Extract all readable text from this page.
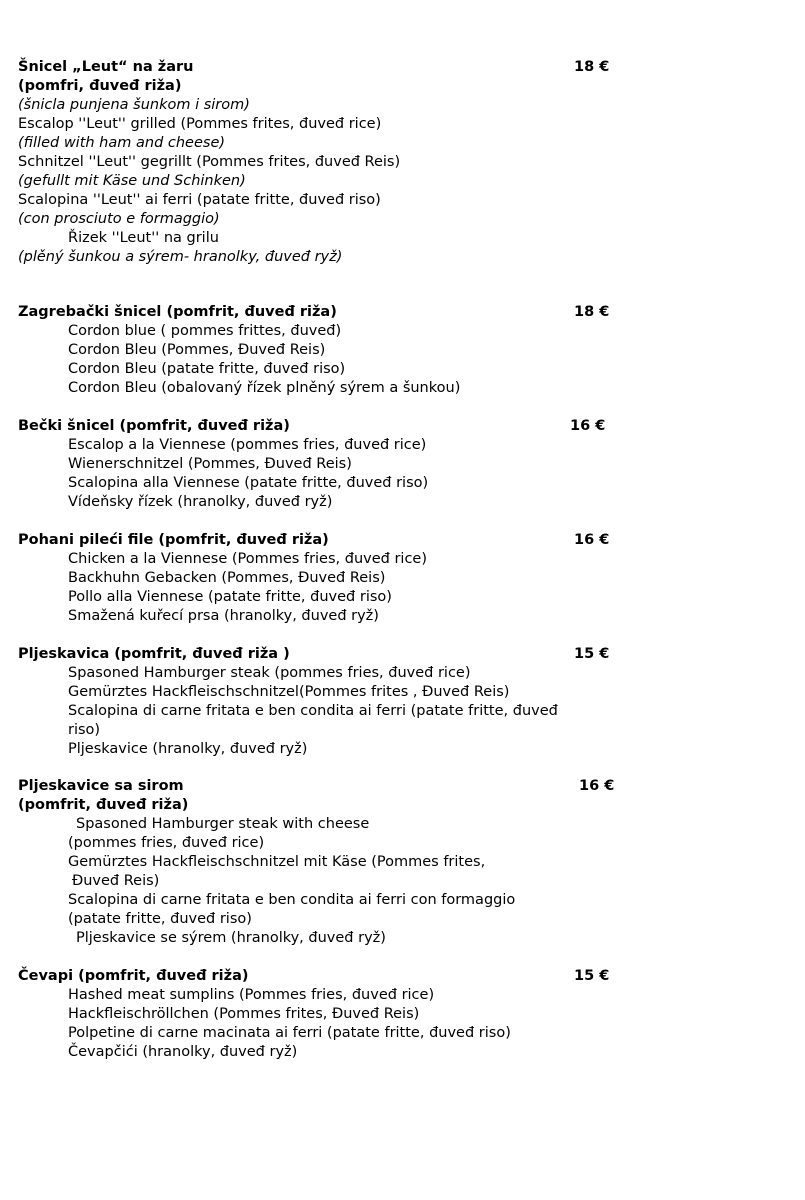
Šnicel „Leut“ na žaru
(pomfri, đuveđ riža)
(šnicla punjena šunkom i sirom)
Escalop ''Leut'' grilled (Pommes frites, đuveđ rice)
(filled with ham and cheese)
Schnitzel ''Leut'' gegrillt (Pommes frites, đuveđ Reis)
(gefullt mit Käse und Schinken)
Scalopina ''Leut'' ai ferri (patate fritte, đuveđ riso)
(con prosciuto e formaggio)
Řizek ''Leut'' na grilu
(plěný šunkou a sýrem- hranolky, đuveđ ryž)
18 €
Zagrebački šnicel (pomfrit, đuveđ riža)
Cordon blue ( pommes frittes, đuveđ)
Cordon Bleu (Pommes, Đuveđ Reis)
Cordon Bleu (patate fritte, đuveđ riso)
Cordon Bleu (obalovaný řízek plněný sýrem a šunkou)
18 €
Bečki šnicel (pomfrit, đuveđ riža)
Escalop a la Viennese (pommes fries, đuveđ rice)
Wienerschnitzel (Pommes, Đuveđ Reis)
Scalopina alla Viennese (patate fritte, đuveđ riso)
Vídeňsky řízek (hranolky, đuveđ ryž)
16 €
Pohani pileći file (pomfrit, đuveđ riža)
Chicken a la Viennese (Pommes fries, đuveđ rice)
Backhuhn Gebacken (Pommes, Đuveđ Reis)
Pollo alla Viennese (patate fritte, đuveđ riso)
Smažená kuřecí prsa (hranolky, đuveđ ryž)
16 €
Pljeskavica (pomfrit, đuveđ riža )
Spasoned Hamburger steak (pommes fries, đuveđ rice)
Gemürztes Hackfleischschnitzel(Pommes frites , Đuveđ Reis)
Scalopina di carne fritata e ben condita ai ferri (patate fritte, đuveđ
riso)
Pljeskavice (hranolky, đuveđ ryž)
15 €
Pljeskavice sa sirom
(pomfrit, đuveđ riža)
Spasoned Hamburger steak with cheese
(pommes fries, đuveđ rice)
Gemürztes Hackfleischschnitzel mit Käse (Pommes frites,
Đuveđ Reis)
Scalopina di carne fritata e ben condita ai ferri con formaggio
(patate fritte, đuveđ riso)
Pljeskavice se sýrem (hranolky, đuveđ ryž)
16 €
Čevapi (pomfrit, đuveđ riža)
Hashed meat sumplins (Pommes fries, đuveđ rice)
Hackfleischröllchen (Pommes frites, Đuveđ Reis)
Polpetine di carne macinata ai ferri (patate fritte, đuveđ riso)
Čevapčići (hranolky, đuveđ ryž)
15 €
